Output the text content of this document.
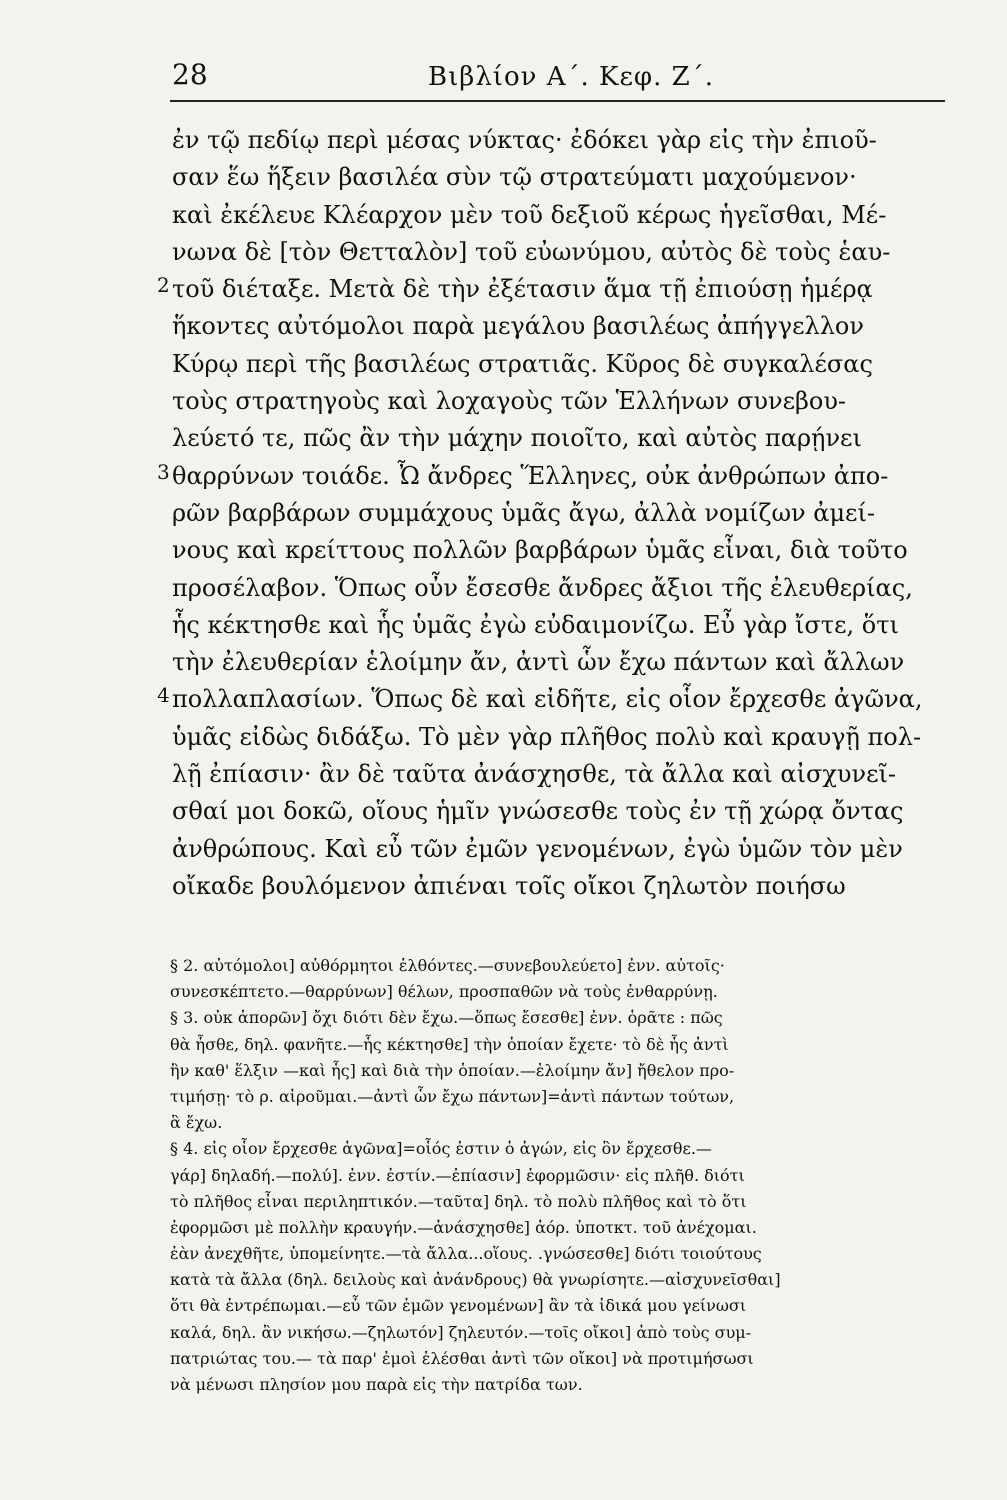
28	Βιβλίον Α΄. Κεφ. Ζ΄.
2
3
4
ἐν τῷ πεδίῳ περὶ μέσας νύκτας· ἐδόκει γὰρ εἰς τὴν ἐπιοῦ-
σαν ἕω ἥξειν βασιλέα σὺν τῷ στρατεύματι μαχούμενον·
καὶ ἐκέλευε Κλέαρχον μὲν τοῦ δεξιοῦ κέρως ἡγεῖσθαι, Μέ-
νωνα δὲ [τὸν Θετταλὸν] τοῦ εὐωνύμου, αὐτὸς δὲ τοὺς ἑαυ-
τοῦ διέταξε. Μετὰ δὲ τὴν ἐξέτασιν ἅμα τῇ ἐπιούσῃ ἡμέρᾳ
ἥκοντες αὐτόμολοι παρὰ μεγάλου βασιλέως ἀπήγγελλον
Κύρῳ περὶ τῆς βασιλέως στρατιᾶς. Κῦρος δὲ συγκαλέσας
τοὺς στρατηγοὺς καὶ λοχαγοὺς τῶν Ἑλλήνων συνεβου-
λεύετό τε, πῶς ἂν τὴν μάχην ποιοῖτο, καὶ αὐτὸς παρῄνει
θαρρύνων τοιάδε. Ὦ ἄνδρες Ἕλληνες, οὐκ ἀνθρώπων ἀπο-
ρῶν βαρβάρων συμμάχους ὑμᾶς ἄγω, ἀλλὰ νομίζων ἀμεί-
νους καὶ κρείττους πολλῶν βαρβάρων ὑμᾶς εἶναι, διὰ τοῦτο
προσέλαβον. Ὅπως οὖν ἔσεσθε ἄνδρες ἄξιοι τῆς ἐλευθερίας,
ἧς κέκτησθε καὶ ἧς ὑμᾶς ἐγὼ εὐδαιμονίζω. Εὖ γὰρ ἴστε, ὅτι
τὴν ἐλευθερίαν ἑλοίμην ἄν, ἀντὶ ὧν ἔχω πάντων καὶ ἄλλων
πολλαπλασίων. Ὅπως δὲ καὶ εἰδῆτε, εἰς οἷον ἔρχεσθε ἀγῶνα,
ὑμᾶς εἰδὼς διδάξω. Τὸ μὲν γὰρ πλῆθος πολὺ καὶ κραυγῇ πολ-
λῇ ἐπίασιν· ἂν δὲ ταῦτα ἀνάσχησθε, τὰ ἄλλα καὶ αἰσχυνεῖ-
σθαί μοι δοκῶ, οἵους ἡμῖν γνώσεσθε τοὺς ἐν τῇ χώρᾳ ὄντας
ἀνθρώπους. Καὶ εὖ τῶν ἐμῶν γενομένων, ἐγὼ ὑμῶν τὸν μὲν
οἴκαδε βουλόμενον ἀπιέναι τοῖς οἴκοι ζηλωτὸν ποιήσω
§ 2. αὐτόμολοι] αὐθόρμητοι ἐλθόντες.—συνεβουλεύετο] ἐνν. αὐτοῖς·
συνεσκέπτετο.—θαρρύνων] θέλων, προσπαθῶν νὰ τοὺς ἐνθαρρύνῃ.
§ 3. οὐκ ἀπορῶν] ὄχι διότι δὲν ἔχω.—ὅπως ἔσεσθε] ἐνν. ὁρᾶτε : πῶς
θὰ ἦσθε, δηλ. φανῆτε.—ἧς κέκτησθε] τὴν ὁποίαν ἔχετε· τὸ δὲ ἧς ἀντὶ
ἣν καθ' ἕλξιν —καὶ ἧς] καὶ διὰ τὴν ὁποίαν.—ἑλοίμην ἄν] ἤθελον προ-
τιμήσῃ· τὸ ρ. αἱροῦμαι.—ἀντὶ ὧν ἔχω πάντων]=ἀντὶ πάντων τούτων,
ἃ ἔχω.
§ 4. εἰς οἷον ἔρχεσθε ἀγῶνα]=οἷός ἐστιν ὁ ἀγών, εἰς ὃν ἔρχεσθε.—
γάρ] δηλαδή.—πολύ]. ἐνν. ἐστίν.—ἐπίασιν] ἐφορμῶσιν· εἰς πλῆθ. διότι
τὸ πλῆθος εἶναι περιληπτικόν.—ταῦτα] δηλ. τὸ πολὺ πλῆθος καὶ τὸ ὅτι
ἐφορμῶσι μὲ πολλὴν κραυγήν.—ἀνάσχησθε] ἀόρ. ὑποτκτ. τοῦ ἀνέχομαι.
ἐὰν ἀνεχθῆτε, ὑπομείνητε.—τὰ ἄλλα...οἵους. .γνώσεσθε] διότι τοιούτους
κατὰ τὰ ἄλλα (δηλ. δειλοὺς καὶ ἀνάνδρους) θὰ γνωρίσητε.—αἰσχυνεῖσθαι]
ὅτι θὰ ἐντρέπωμαι.—εὖ τῶν ἐμῶν γενομένων] ἂν τὰ ἰδικά μου γείνωσι
καλά, δηλ. ἂν νικήσω.—ζηλωτόν] ζηλευτόν.—τοῖς οἴκοι] ἀπὸ τοὺς συμ-
πατριώτας του.— τὰ παρ' ἐμοὶ ἑλέσθαι ἀντὶ τῶν οἴκοι] νὰ προτιμήσωσι
νὰ μένωσι πλησίον μου παρὰ εἰς τὴν πατρίδα των.
